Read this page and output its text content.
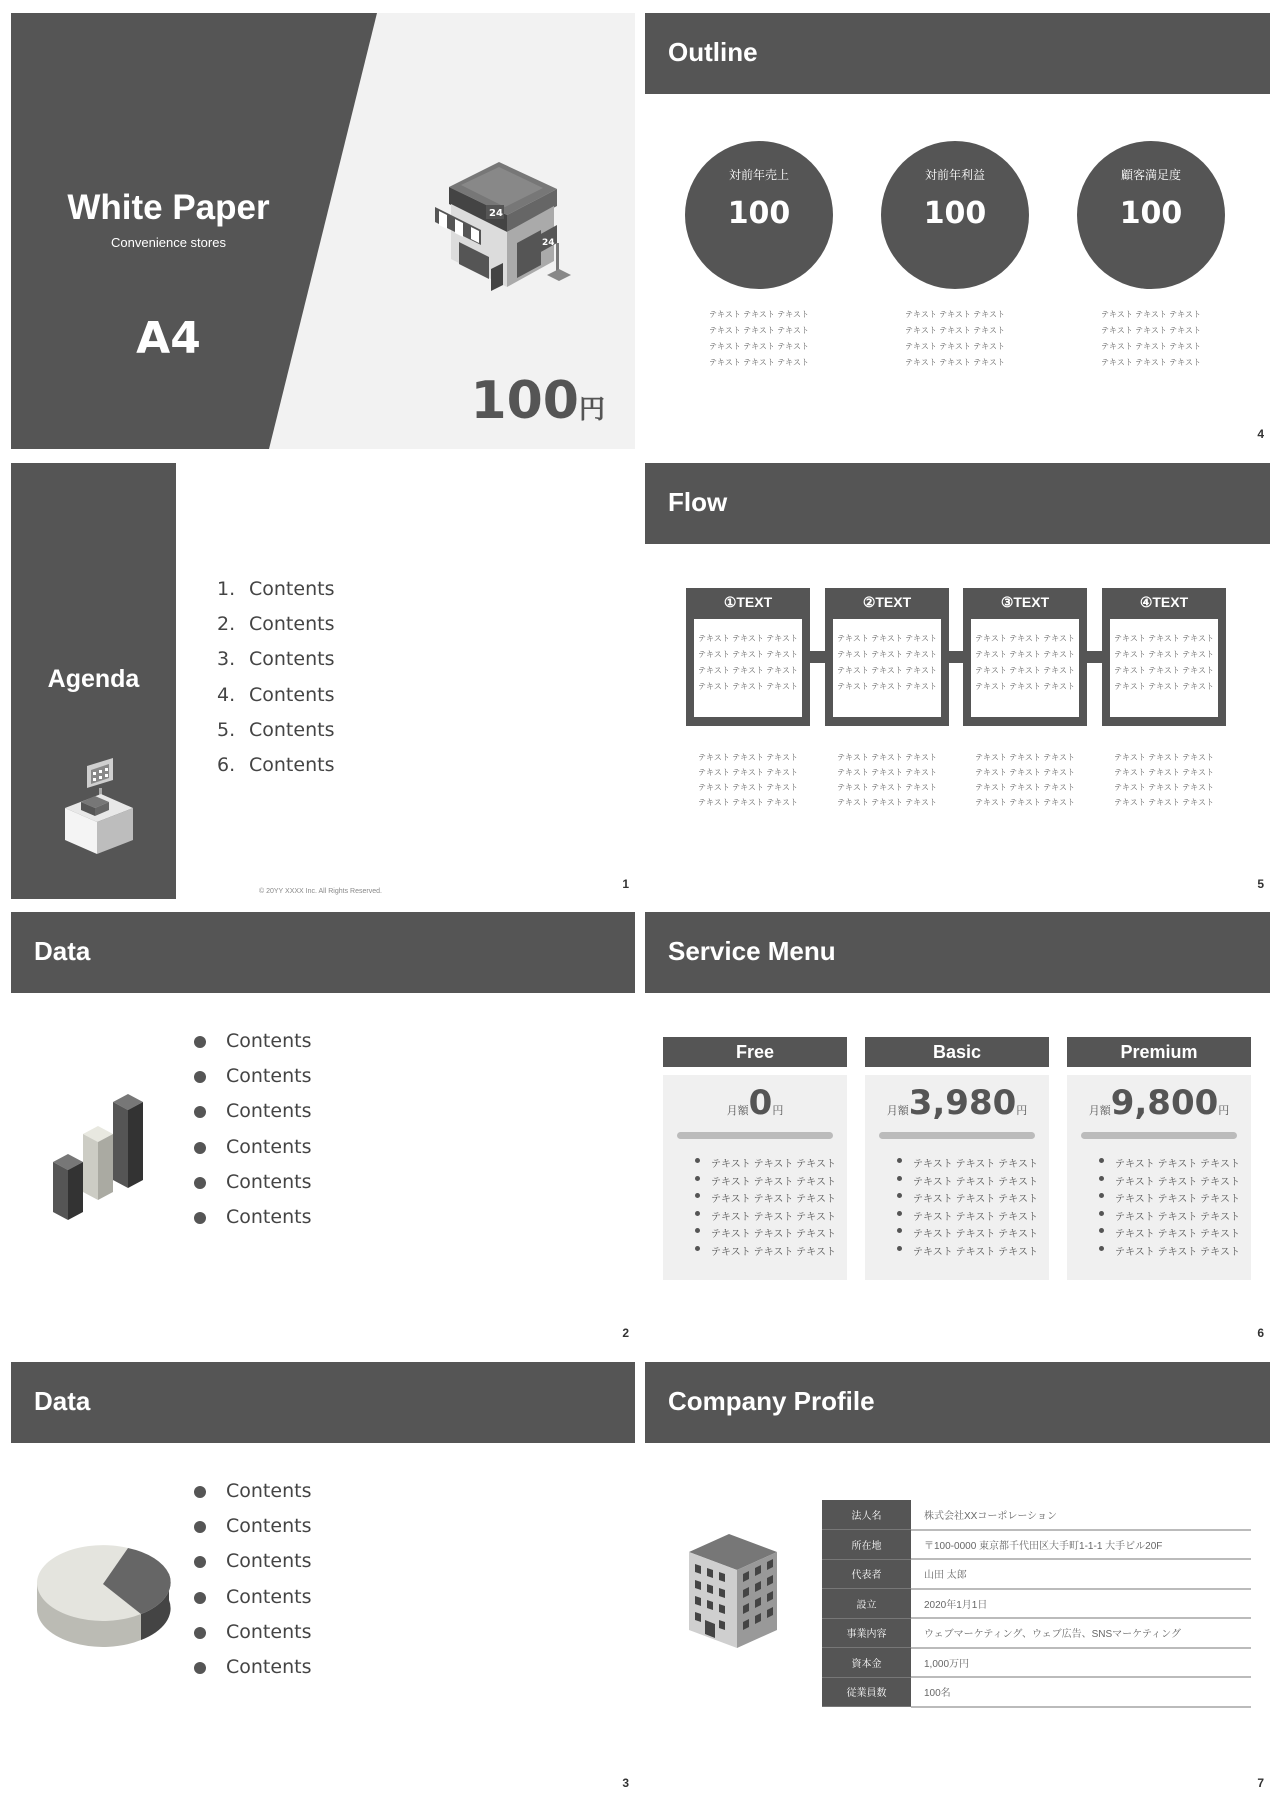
White Paper
Convenience stores
A4
24
24
100円
Outline
対前年売上
100
テキスト テキスト テキスト
テキスト テキスト テキスト
テキスト テキスト テキスト
テキスト テキスト テキスト
対前年利益
100
テキスト テキスト テキスト
テキスト テキスト テキスト
テキスト テキスト テキスト
テキスト テキスト テキスト
顧客満足度
100
テキスト テキスト テキスト
テキスト テキスト テキスト
テキスト テキスト テキスト
テキスト テキスト テキスト
4
Agenda
1. Contents
2. Contents
3. Contents
4. Contents
5. Contents
6. Contents
© 20YY XXXX Inc. All Rights Reserved.
1
Flow
①TEXT
テキスト テキスト テキスト
テキスト テキスト テキスト
テキスト テキスト テキスト
テキスト テキスト テキスト
テキスト テキスト テキスト
テキスト テキスト テキスト
テキスト テキスト テキスト
テキスト テキスト テキスト
②TEXT
テキスト テキスト テキスト
テキスト テキスト テキスト
テキスト テキスト テキスト
テキスト テキスト テキスト
テキスト テキスト テキスト
テキスト テキスト テキスト
テキスト テキスト テキスト
テキスト テキスト テキスト
③TEXT
テキスト テキスト テキスト
テキスト テキスト テキスト
テキスト テキスト テキスト
テキスト テキスト テキスト
テキスト テキスト テキスト
テキスト テキスト テキスト
テキスト テキスト テキスト
テキスト テキスト テキスト
④TEXT
テキスト テキスト テキスト
テキスト テキスト テキスト
テキスト テキスト テキスト
テキスト テキスト テキスト
テキスト テキスト テキスト
テキスト テキスト テキスト
テキスト テキスト テキスト
テキスト テキスト テキスト
5
Data
Contents
Contents
Contents
Contents
Contents
Contents
2
Service Menu
Free
月額0円
テキスト テキスト テキスト
テキスト テキスト テキスト
テキスト テキスト テキスト
テキスト テキスト テキスト
テキスト テキスト テキスト
テキスト テキスト テキスト
Basic
月額3,980円
テキスト テキスト テキスト
テキスト テキスト テキスト
テキスト テキスト テキスト
テキスト テキスト テキスト
テキスト テキスト テキスト
テキスト テキスト テキスト
Premium
月額9,800円
テキスト テキスト テキスト
テキスト テキスト テキスト
テキスト テキスト テキスト
テキスト テキスト テキスト
テキスト テキスト テキスト
テキスト テキスト テキスト
6
Data
Contents
Contents
Contents
Contents
Contents
Contents
3
Company Profile
法人名	株式会社XXコーポレーション
所在地	〒100-0000 東京都千代田区大手町1-1-1 大手ビル20F
代表者	山田 太郎
設立	2020年1月1日
事業内容	ウェブマーケティング、ウェブ広告、SNSマーケティング
資本金	1,000万円
従業員数	100名
7
